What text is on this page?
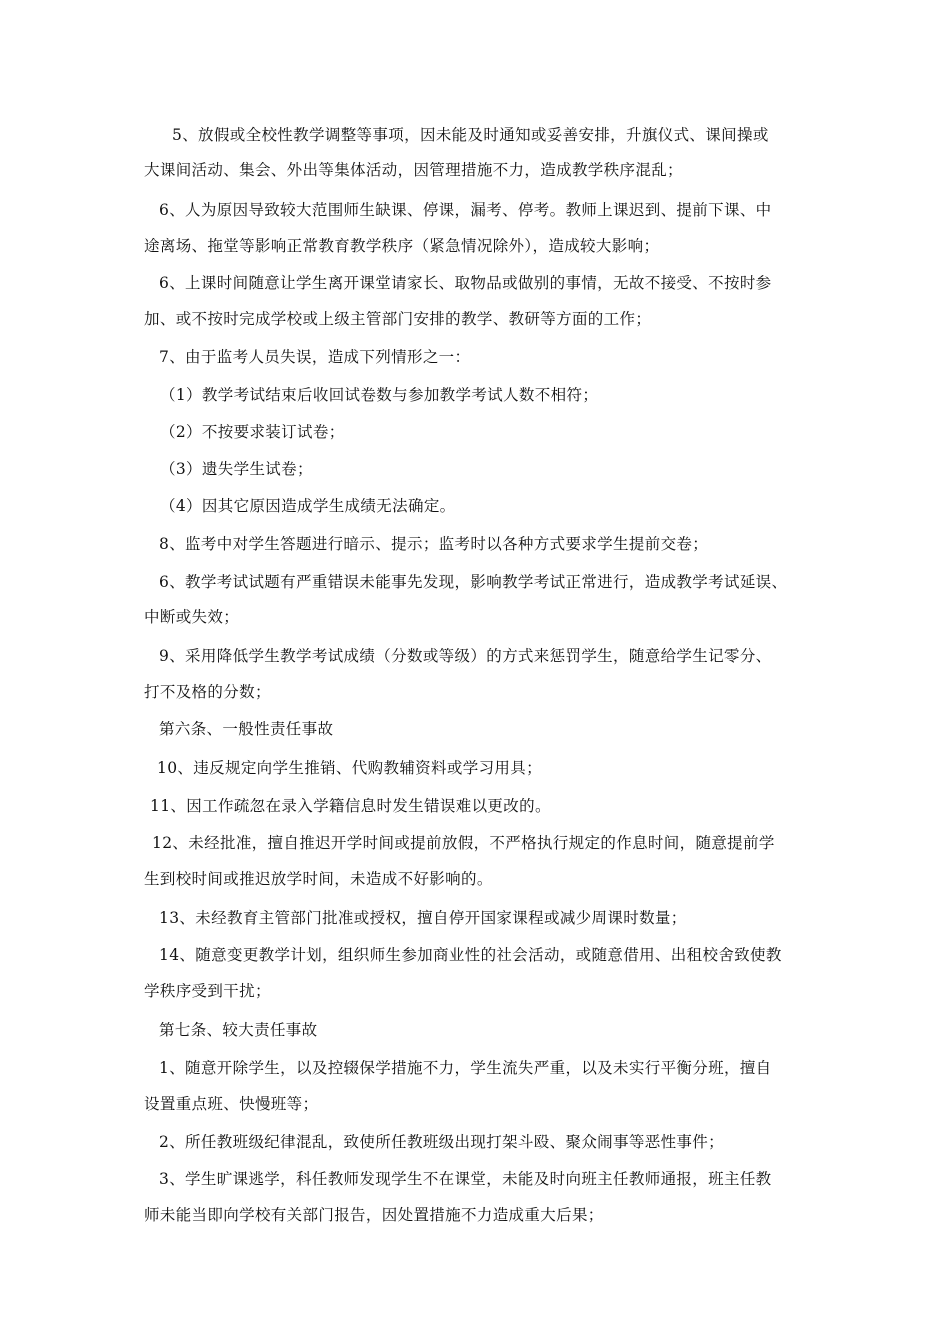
5、放假或全校性教学调整等事项，因未能及时通知或妥善安排，升旗仪式、课间操或
大课间活动、集会、外出等集体活动，因管理措施不力，造成教学秩序混乱；
6、人为原因导致较大范围师生缺课、停课，漏考、停考。教师上课迟到、提前下课、中
途离场、拖堂等影响正常教育教学秩序（紧急情况除外），造成较大影响；
6、上课时间随意让学生离开课堂请家长、取物品或做别的事情，无故不接受、不按时参
加、或不按时完成学校或上级主管部门安排的教学、教研等方面的工作；
7、由于监考人员失误，造成下列情形之一：
（1）教学考试结束后收回试卷数与参加教学考试人数不相符；
（2）不按要求装订试卷；
（3）遗失学生试卷；
（4）因其它原因造成学生成绩无法确定。
8、监考中对学生答题进行暗示、提示；监考时以各种方式要求学生提前交卷；
6、教学考试试题有严重错误未能事先发现，影响教学考试正常进行，造成教学考试延误、
中断或失效；
9、采用降低学生教学考试成绩（分数或等级）的方式来惩罚学生，随意给学生记零分、
打不及格的分数；
第六条、一般性责任事故
10、违反规定向学生推销、代购教辅资料或学习用具；
11、因工作疏忽在录入学籍信息时发生错误难以更改的。
12、未经批准，擅自推迟开学时间或提前放假，不严格执行规定的作息时间，随意提前学
生到校时间或推迟放学时间，未造成不好影响的。
13、未经教育主管部门批准或授权，擅自停开国家课程或减少周课时数量；
14、随意变更教学计划，组织师生参加商业性的社会活动，或随意借用、出租校舍致使教
学秩序受到干扰；
第七条、较大责任事故
1、随意开除学生，以及控辍保学措施不力，学生流失严重，以及未实行平衡分班，擅自
设置重点班、快慢班等；
2、所任教班级纪律混乱，致使所任教班级出现打架斗殴、聚众闹事等恶性事件；
3、学生旷课逃学，科任教师发现学生不在课堂，未能及时向班主任教师通报，班主任教
师未能当即向学校有关部门报告，因处置措施不力造成重大后果；
